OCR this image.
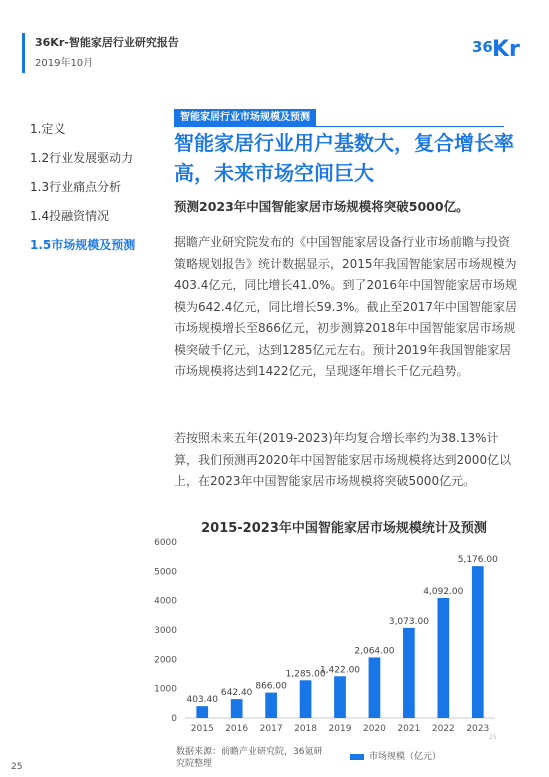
36Kr-智能家居行业研究报告
2019年10月
36 Kr
1.定义
1.2行业发展驱动力
1.3行业痛点分析
1.4投融资情况
1.5市场规模及预测
智能家居行业市场规模及预测
智能家居行业用户基数大，复合增长率高，未来市场空间巨大
预测2023年中国智能家居市场规模将突破5000亿。

据瞻产业研究院发布的《中国智能家居设备行业市场前瞻与投资策略规划报告》统计数据显示，2015年我国智能家居市场规模为403.4亿元，同比增长41.0%。到了2016年中国智能家居市场规模为642.4亿元，同比增长59.3%。截止至2017年中国智能家居市场规模增长至866亿元，初步测算2018年中国智能家居市场规模突破千亿元，达到1285亿元左右。预计2019年我国智能家居市场规模将达到1422亿元，呈现逐年增长千亿元趋势。

若按照未来五年(2019-2023)年均复合增长率约为38.13%计算，我们预测再2020年中国智能家居市场规模将达到2000亿以上，在2023年中国智能家居市场规模将突破5000亿元。

2015-2023年中国智能家居市场规模统计及预测
0
1000
2000
3000
4000
5000
6000
403.40
2015
642.40
2016
866.00
2017
1,285.00
2018
1,422.00
2019
2,064.00
2020
3,073.00
2021
4,092.00
2022
5,176.00
2023
数据来源：前瞻产业研究院，36氪研究院整理
市场规模（亿元）
25
25
